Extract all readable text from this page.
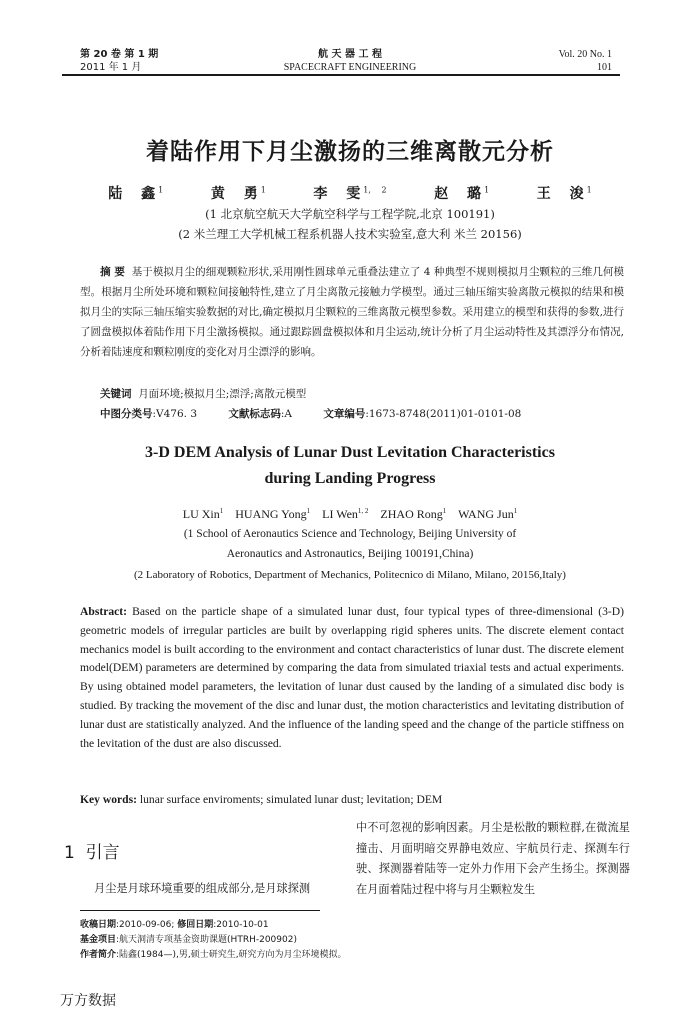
第 20 卷 第 1 期
2011 年 1 月
航 天 器 工 程
SPACECRAFT ENGINEERING
Vol. 20 No. 1
101
着陆作用下月尘激扬的三维离散元分析
陆 鑫$^1$	黄 勇$^1$	李 雯$^{1, 2}$	赵 璐$^1$	王 浚$^1$
(1 北京航空航天大学航空科学与工程学院,北京 100191)
(2 米兰理工大学机械工程系机器人技术实验室,意大利 米兰 20156)
摘 要 基于模拟月尘的细观颗粒形状,采用刚性圆球单元重叠法建立了 4 种典型不规则模拟月尘颗粒的三维几何模型。根据月尘所处环境和颗粒间接触特性,建立了月尘离散元接触力学模型。通过三轴压缩实验离散元模拟的结果和模拟月尘的实际三轴压缩实验数据的对比,确定模拟月尘颗粒的三维离散元模型参数。采用建立的模型和获得的参数,进行了圆盘模拟体着陆作用下月尘激扬模拟。通过跟踪圆盘模拟体和月尘运动,统计分析了月尘运动特性及其漂浮分布情况,分析着陆速度和颗粒刚度的变化对月尘漂浮的影响。
关键词 月面环境;模拟月尘;漂浮;离散元模型
中图分类号:V476. 3	文献标志码:A	文章编号:1673-8748(2011)01-0101-08
3-D DEM Analysis of Lunar Dust Levitation Characteristics
during Landing Progress
LU Xin$^1$ HUANG Yong$^1$ LI Wen$^{1, 2}$ ZHAO Rong$^1$ WANG Jun$^1$
(1 School of Aeronautics Science and Technology, Beijing University of
Aeronautics and Astronautics, Beijing 100191,China)
(2 Laboratory of Robotics, Department of Mechanics, Politecnico di Milano, Milano, 20156,Italy)
Abstract: Based on the particle shape of a simulated lunar dust, four typical types of three-dimensional (3-D) geometric models of irregular particles are built by overlapping rigid spheres units. The discrete element contact mechanics model is built according to the environment and contact characteristics of lunar dust. The discrete element model(DEM) parameters are determined by comparing the data from simulated triaxial tests and actual experiments. By using obtained model parameters, the levitation of lunar dust caused by the landing of a simulated disc body is studied. By tracking the movement of the disc and lunar dust, the motion characteristics and levitating distribution of lunar dust are statistically analyzed. And the influence of the landing speed and the change of the particle stiffness on the levitation of the dust are also discussed.
Key words: lunar surface enviroments; simulated lunar dust; levitation; DEM
1 引言
月尘是月球环境重要的组成部分,是月球探测
中不可忽视的影响因素。月尘是松散的颗粒群,在微流星撞击、月面明暗交界静电效应、宇航员行走、探测车行驶、探测器着陆等一定外力作用下会产生扬尘。探测器在月面着陆过程中将与月尘颗粒发生
收稿日期:2010-09-06; 修回日期:2010-10-01
基金项目:航天洞清专项基金资助课题(HTRH-200902)
作者简介:陆鑫(1984—),男,硕士研究生,研究方向为月尘环境模拟。
万方数据
